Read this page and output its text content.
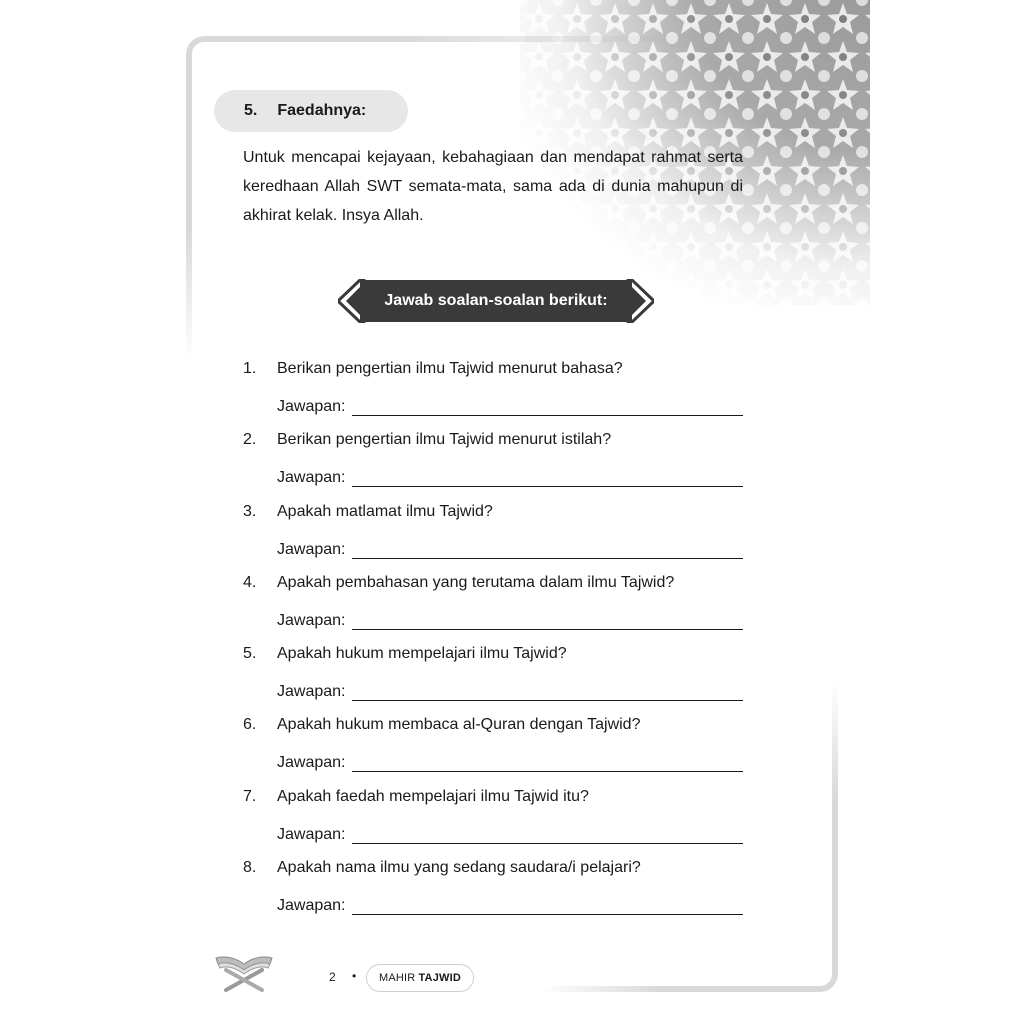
5. Faedahnya:

Untuk mencapai kejayaan, kebahagiaan dan mendapat rahmat serta keredhaan Allah SWT semata-mata, sama ada di dunia mahupun di akhirat kelak. Insya Allah.

Jawab soalan-soalan berikut:
1.	Berikan pengertian ilmu Tajwid menurut bahasa?
Jawapan:
2.	Berikan pengertian ilmu Tajwid menurut istilah?
Jawapan:
3.	Apakah matlamat ilmu Tajwid?
Jawapan:
4.	Apakah pembahasan yang terutama dalam ilmu Tajwid?
Jawapan:
5.	Apakah hukum mempelajari ilmu Tajwid?
Jawapan:
6.	Apakah hukum membaca al-Quran dengan Tajwid?
Jawapan:
7.	Apakah faedah mempelajari ilmu Tajwid itu?
Jawapan:
8.	Apakah nama ilmu yang sedang saudara/i pelajari?
Jawapan:
2 • MAHIR TAJWID
